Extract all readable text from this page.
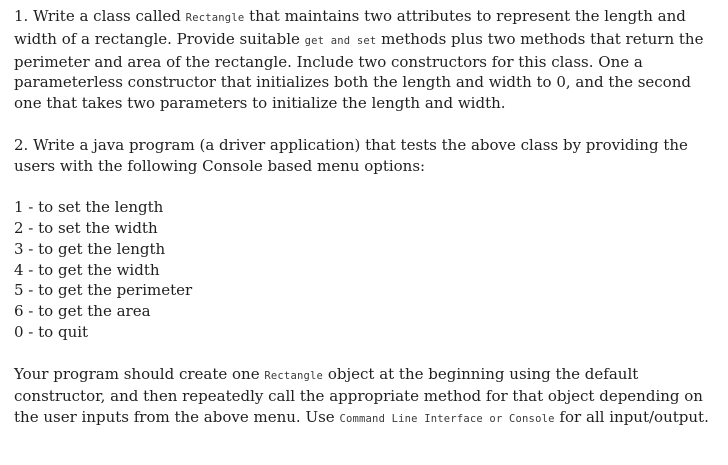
1. Write a class called Rectangle that maintains two attributes to represent the length and width of a rectangle. Provide suitable get and set methods plus two methods that return the perimeter and area of the rectangle. Include two constructors for this class. One a parameterless constructor that initializes both the length and width to 0, and the second one that takes two parameters to initialize the length and width.

2. Write a java program (a driver application) that tests the above class by providing the users with the following Console based menu options:

1 - to set the length
2 - to set the width
3 - to get the length
4 - to get the width
5 - to get the perimeter
6 - to get the area
0 - to quit

Your program should create one Rectangle object at the beginning using the default constructor, and then repeatedly call the appropriate method for that object depending on the user inputs from the above menu. Use Command Line Interface or Console for all input/output.
